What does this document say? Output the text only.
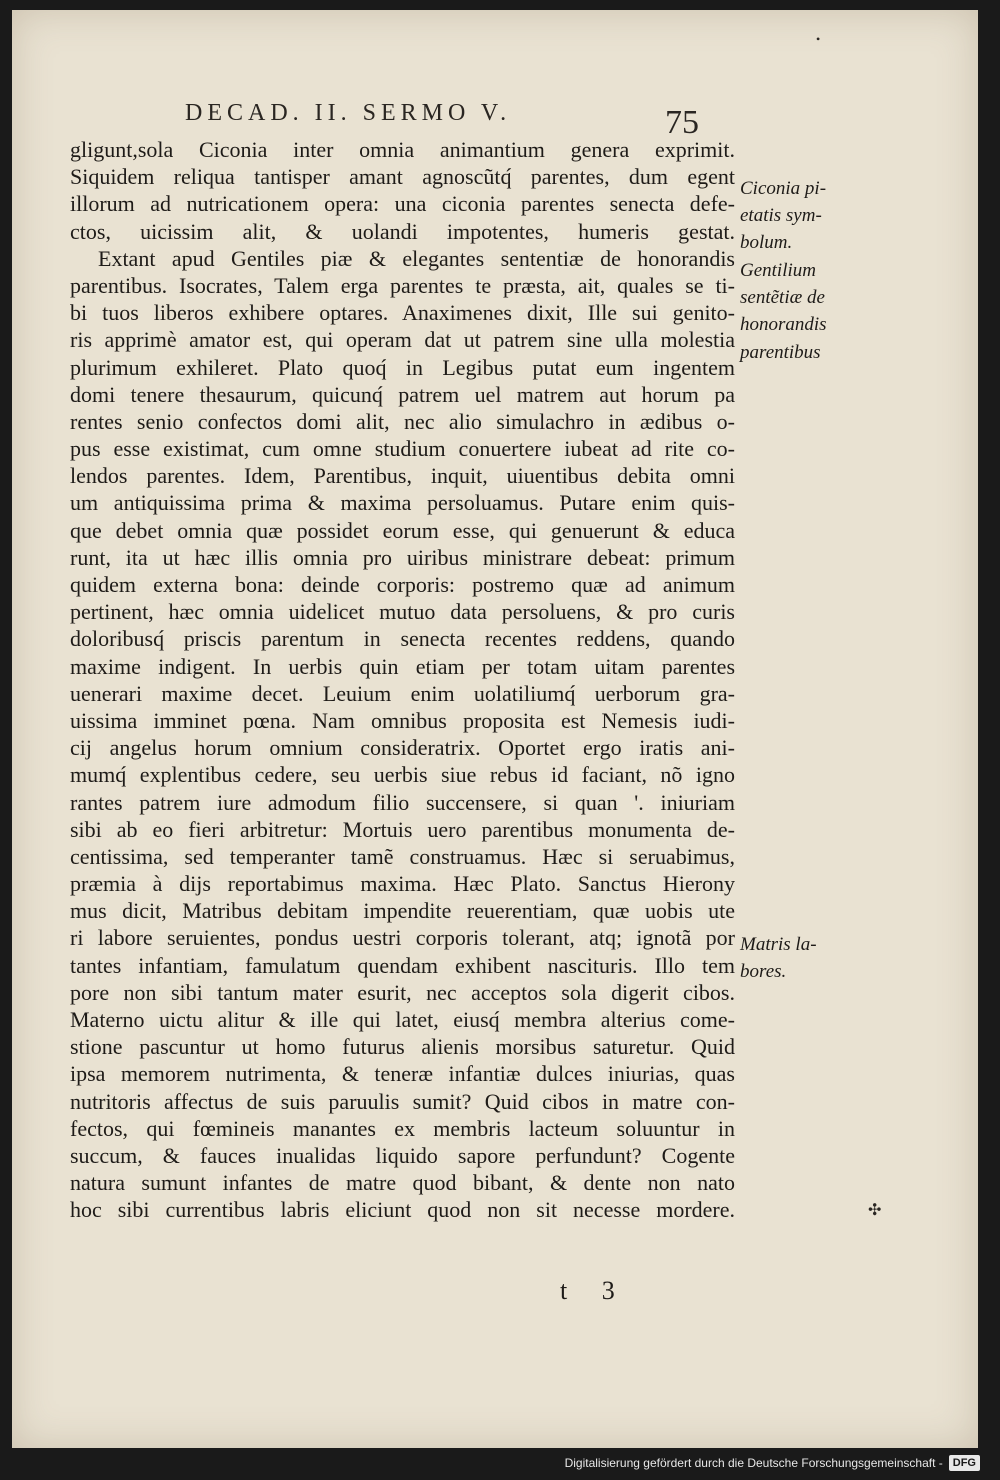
•
DECAD. II. SERMO V.	75
gligunt,sola Ciconia inter omnia animantium genera exprimit.
Siquidem reliqua tantisper amant agnoscũtq́ parentes, dum egent
illorum ad nutricationem opera: una ciconia parentes senecta defe-
ctos, uicissim alit, & uolandi impotentes, humeris gestat.
Extant apud Gentiles piæ & elegantes sententiæ de honorandis
parentibus. Isocrates, Talem erga parentes te præsta, ait, quales se ti-
bi tuos liberos exhibere optares. Anaximenes dixit, Ille sui genito-
ris apprimè amator est, qui operam dat ut patrem sine ulla molestia
plurimum exhileret. Plato quoq́ in Legibus putat eum ingentem
domi tenere thesaurum, quicunq́ patrem uel matrem aut horum pa
rentes senio confectos domi alit, nec alio simulachro in ædibus o-
pus esse existimat, cum omne studium conuertere iubeat ad rite co-
lendos parentes. Idem, Parentibus, inquit, uiuentibus debita omni
um antiquissima prima & maxima persoluamus. Putare enim quis-
que debet omnia quæ possidet eorum esse, qui genuerunt & educa
runt, ita ut hæc illis omnia pro uiribus ministrare debeat: primum
quidem externa bona: deinde corporis: postremo quæ ad animum
pertinent, hæc omnia uidelicet mutuo data persoluens, & pro curis
doloribusq́ priscis parentum in senecta recentes reddens, quando
maxime indigent. In uerbis quin etiam per totam uitam parentes
uenerari maxime decet. Leuium enim uolatiliumq́ uerborum gra-
uissima imminet pœna. Nam omnibus proposita est Nemesis iudi-
cij angelus horum omnium consideratrix. Oportet ergo iratis ani-
mumq́ explentibus cedere, seu uerbis siue rebus id faciant, nõ igno
rantes patrem iure admodum filio succensere, si quan '. iniuriam
sibi ab eo fieri arbitretur: Mortuis uero parentibus monumenta de-
centissima, sed temperanter tamẽ construamus. Hæc si seruabimus,
præmia à dijs reportabimus maxima. Hæc Plato. Sanctus Hierony
mus dicit, Matribus debitam impendite reuerentiam, quæ uobis ute
ri labore seruientes, pondus uestri corporis tolerant, atq; ignotã por
tantes infantiam, famulatum quendam exhibent nascituris. Illo tem
pore non sibi tantum mater esurit, nec acceptos sola digerit cibos.
Materno uictu alitur & ille qui latet, eiusq́ membra alterius come-
stione pascuntur ut homo futurus alienis morsibus saturetur. Quid
ipsa memorem nutrimenta, & teneræ infantiæ dulces iniurias, quas
nutritoris affectus de suis paruulis sumit? Quid cibos in matre con-
fectos, qui fœmineis manantes ex membris lacteum soluuntur in
succum, & fauces inualidas liquido sapore perfundunt? Cogente
natura sumunt infantes de matre quod bibant, & dente non nato
hoc sibi currentibus labris eliciunt quod non sit necesse mordere.
Ciconia pi-
etatis sym-
bolum.
Gentilium
sentẽtiæ de
honorandis
parentibus
Matris la-
bores.
✣
t 3
Digitalisierung gefördert durch die Deutsche Forschungsgemeinschaft - DFG
